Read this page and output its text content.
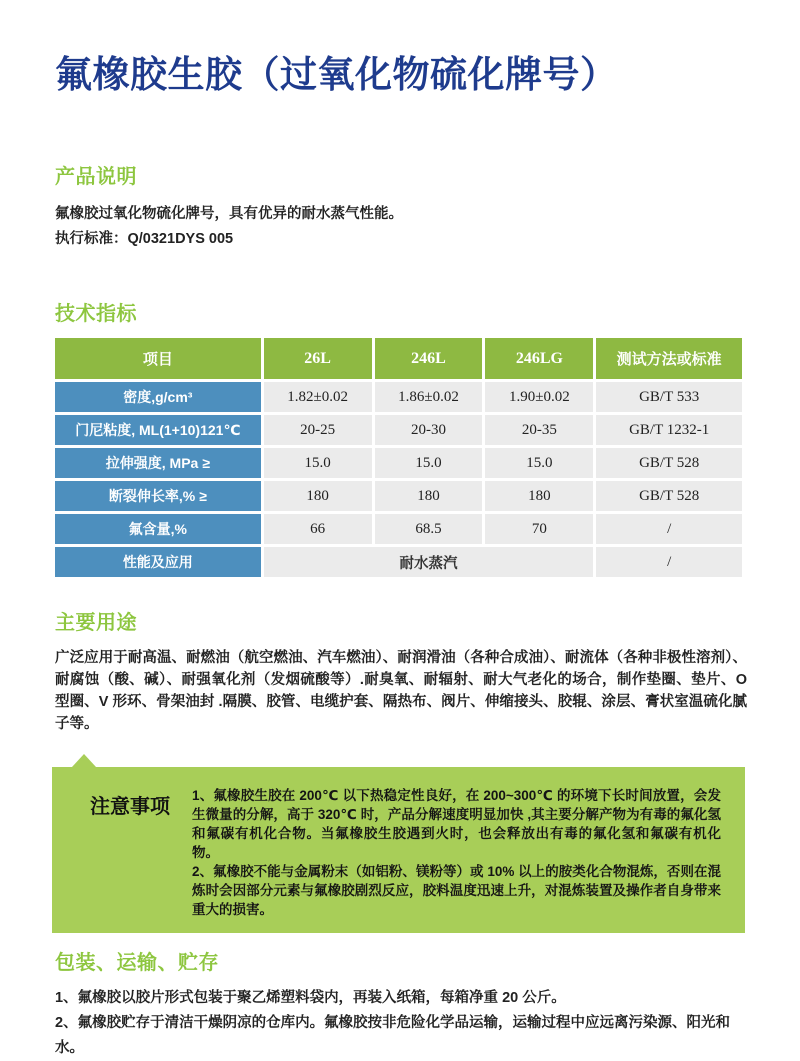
氟橡胶生胶（过氧化物硫化牌号）
产品说明

氟橡胶过氧化物硫化牌号，具有优异的耐水蒸气性能。

执行标准：Q/0321DYS 005

技术指标
项目	26L	246L	246LG	测试方法或标准
密度,g/cm³	1.82±0.02	1.86±0.02	1.90±0.02	GB/T 533
门尼粘度, ML(1+10)121℃	20-25	20-30	20-35	GB/T 1232-1
拉伸强度, MPa ≥	15.0	15.0	15.0	GB/T 528
断裂伸长率,% ≥	180	180	180	GB/T 528
氟含量,%	66	68.5	70	/
性能及应用	耐水蒸汽			/
主要用途

广泛应用于耐高温、耐燃油（航空燃油、汽车燃油）、耐润滑油（各种合成油）、耐流体（各种非极性溶剂）、耐腐蚀（酸、碱）、耐强氧化剂（发烟硫酸等）.耐臭氧、耐辐射、耐大气老化的场合，制作垫圈、垫片、O 型圈、V 形环、骨架油封 .隔膜、胶管、电缆护套、隔热布、阀片、伸缩接头、胶辊、涂层、膏状室温硫化腻子等。

注意事项

1、氟橡胶生胶在 200℃ 以下热稳定性良好，在 200~300℃ 的环境下长时间放置，会发生微量的分解，高于 320℃ 时，产品分解速度明显加快 ,其主要分解产物为有毒的氟化氢和氟碳有机化合物。当氟橡胶生胶遇到火时，也会释放出有毒的氟化氢和氟碳有机化 物。

2、氟橡胶不能与金属粉末（如铝粉、镁粉等）或 10% 以上的胺类化合物混炼，否则在混炼时会因部分元素与氟橡胶剧烈反应，胶料温度迅速上升，对混炼装置及操作者自身带来重大的损害。

包装、运输、贮存

1、氟橡胶以胶片形式包装于聚乙烯塑料袋内，再装入纸箱，每箱净重 20 公斤。

2、氟橡胶贮存于清洁干燥阴凉的仓库内。氟橡胶按非危险化学品运输，运输过程中应远离污染源、阳光和水。
